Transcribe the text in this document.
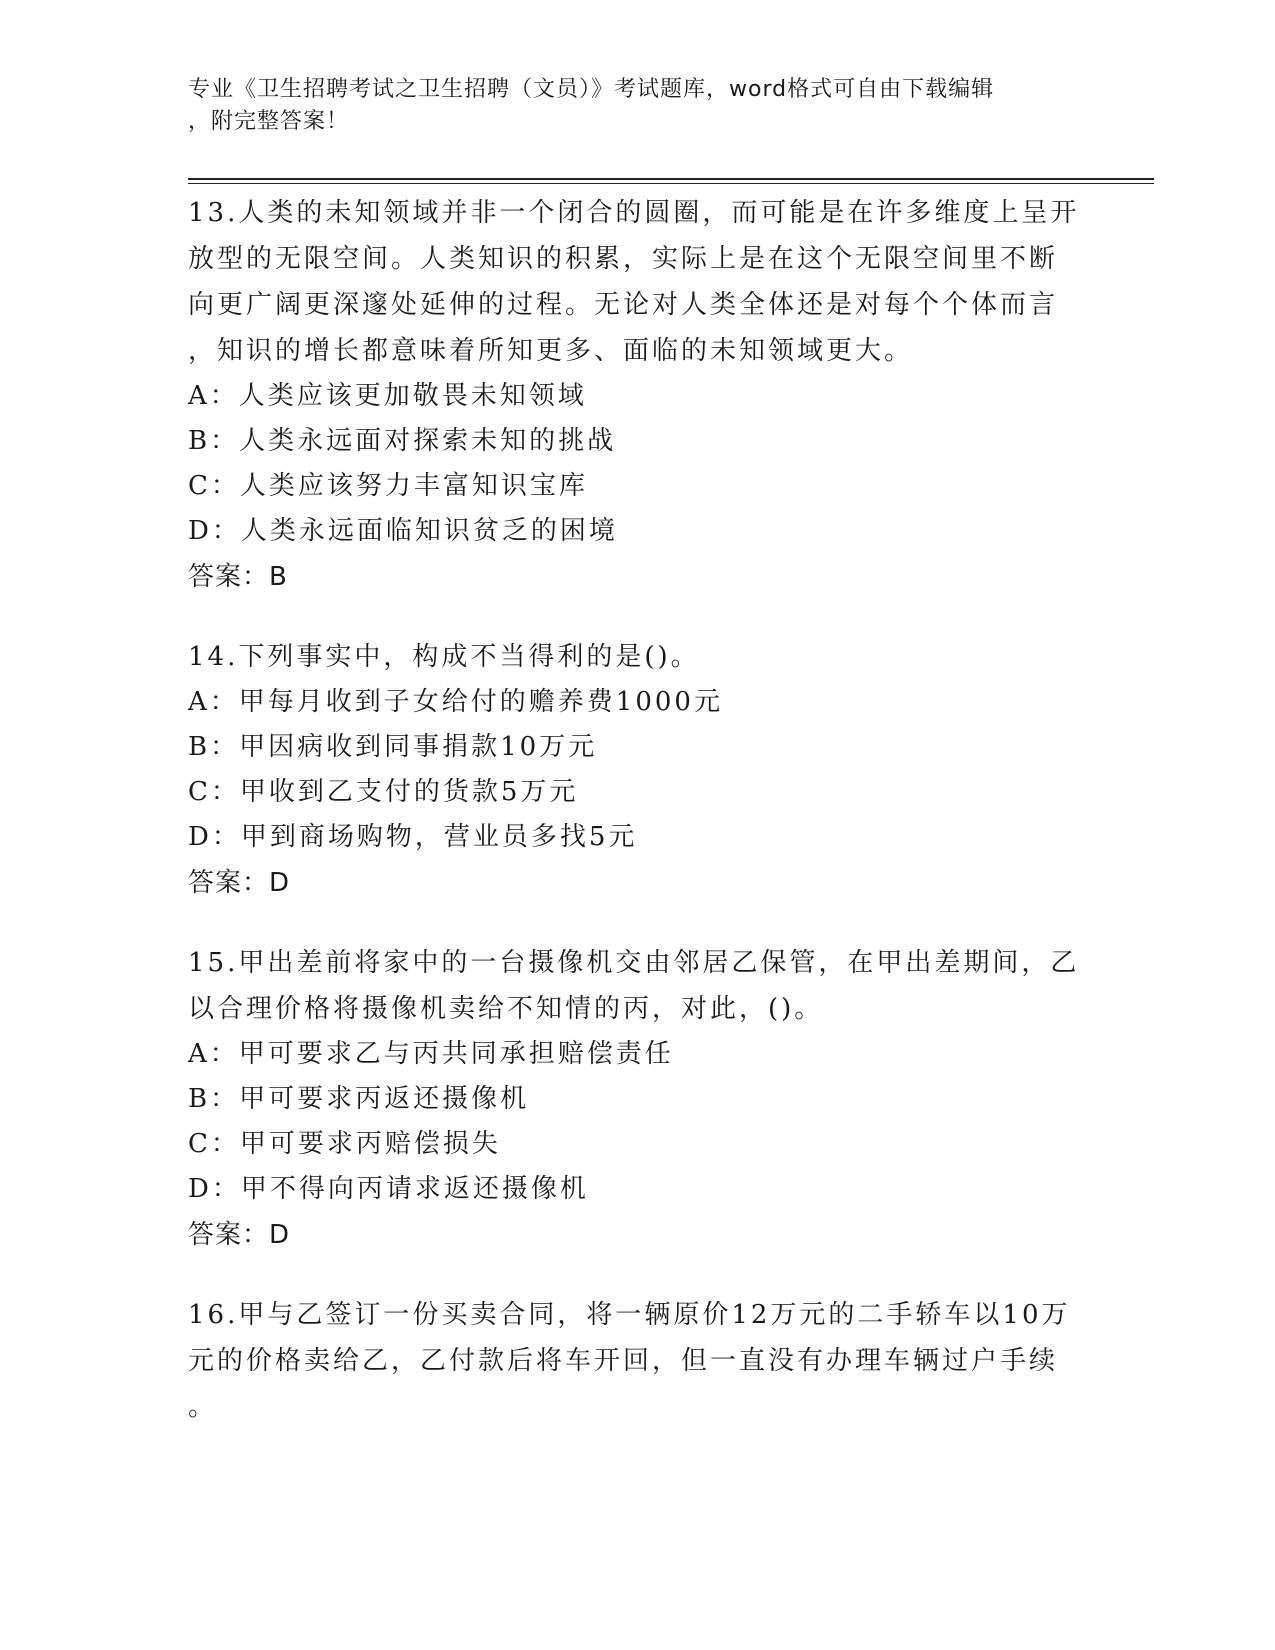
专业《卫生招聘考试之卫生招聘（文员）》考试题库，word格式可自由下载编辑

，附完整答案！

13.人类的未知领域并非一个闭合的圆圈，而可能是在许多维度上呈开

放型的无限空间。人类知识的积累，实际上是在这个无限空间里不断

向更广阔更深邃处延伸的过程。无论对人类全体还是对每个个体而言

，知识的增长都意味着所知更多、面临的未知领域更大。

A：人类应该更加敬畏未知领域

B：人类永远面对探索未知的挑战

C：人类应该努力丰富知识宝库

D：人类永远面临知识贫乏的困境

答案：B

14.下列事实中，构成不当得利的是()。

A：甲每月收到子女给付的赡养费1000元

B：甲因病收到同事捐款10万元

C：甲收到乙支付的货款5万元

D：甲到商场购物，营业员多找5元

答案：D

15.甲出差前将家中的一台摄像机交由邻居乙保管，在甲出差期间，乙

以合理价格将摄像机卖给不知情的丙，对此，()。

A：甲可要求乙与丙共同承担赔偿责任

B：甲可要求丙返还摄像机

C：甲可要求丙赔偿损失

D：甲不得向丙请求返还摄像机

答案：D

16.甲与乙签订一份买卖合同，将一辆原价12万元的二手轿车以10万

元的价格卖给乙，乙付款后将车开回，但一直没有办理车辆过户手续

。
